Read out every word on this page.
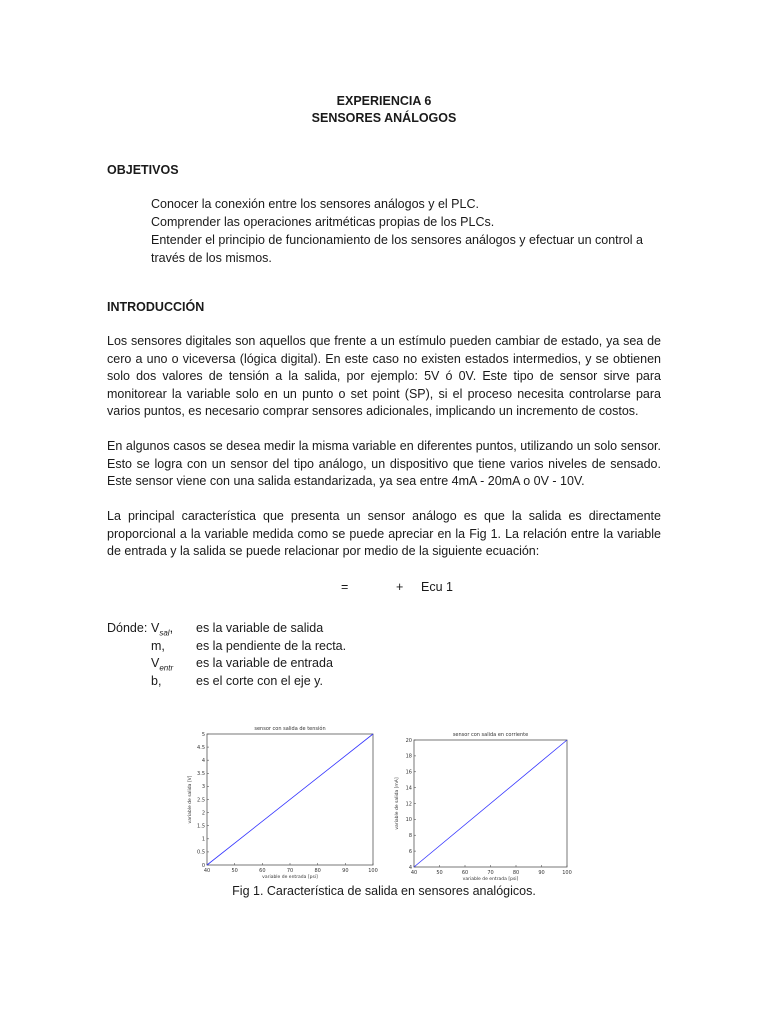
EXPERIENCIA 6
SENSORES ANÁLOGOS
OBJETIVOS
Conocer la conexión entre los sensores análogos y el PLC.
Comprender las operaciones aritméticas propias de los PLCs.
Entender el principio de funcionamiento de los sensores análogos y efectuar un control a través de los mismos.
INTRODUCCIÓN
Los sensores digitales son aquellos que frente a un estímulo pueden cambiar de estado, ya sea de cero a uno o viceversa (lógica digital). En este caso no existen estados intermedios, y se obtienen solo dos valores de tensión a la salida, por ejemplo: 5V ó 0V. Este tipo de sensor sirve para monitorear la variable solo en un punto o set point (SP), si el proceso necesita controlarse para varios puntos, es necesario comprar sensores adicionales, implicando un incremento de costos.
En algunos casos se desea medir la misma variable en diferentes puntos, utilizando un solo sensor. Esto se logra con un sensor del tipo análogo, un dispositivo que tiene varios niveles de sensado. Este sensor viene con una salida estandarizada, ya sea entre 4mA - 20mA o 0V - 10V.
La principal característica que presenta un sensor análogo es que la salida es directamente proporcional a la variable medida como se puede apreciar en la Fig 1. La relación entre la variable de entrada y la salida se puede relacionar por medio de la siguiente ecuación:
=	+ Ecu 1
Dónde: $V_{sal}$, es la variable de salida
m, es la pendiente de la recta.
$V_{entr}$ es la variable de entrada
b,	es el corte con el eje y.
sensor con salida de tensión
40	50	60	70	80	90	100
0
0.5
1
1.5
2
2.5
3
3.5
4
4.5
5
variable de entrada [psi]
variable de salida [V]
sensor con salida en corriente
40	50	60	70	80	90	100
4
6
8
10
12
14
16
18
20
variable de entrada [psi]
variable de salida [mA]
Fig 1. Característica de salida en sensores analógicos.
